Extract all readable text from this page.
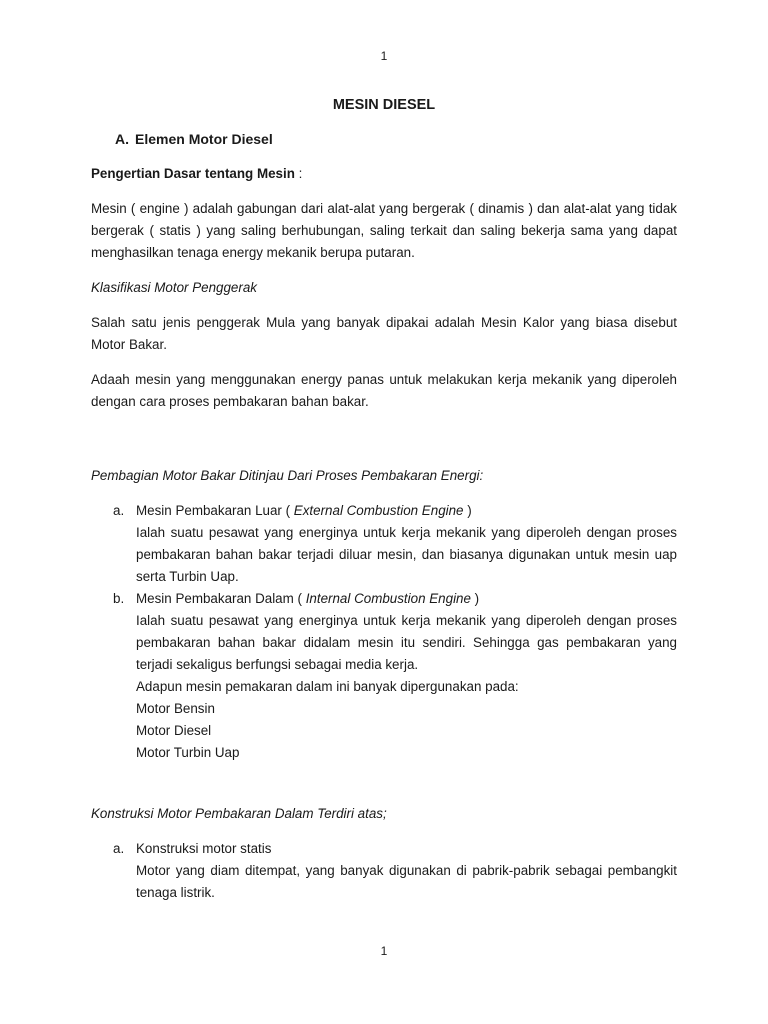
1
MESIN DIESEL
A. Elemen Motor Diesel
Pengertian Dasar tentang Mesin :

Mesin ( engine ) adalah gabungan dari alat-alat yang bergerak ( dinamis ) dan alat-alat yang tidak bergerak ( statis ) yang saling berhubungan, saling terkait dan saling bekerja sama yang dapat menghasilkan tenaga energy mekanik berupa putaran.

Klasifikasi Motor Penggerak

Salah satu jenis penggerak Mula yang banyak dipakai adalah Mesin Kalor yang biasa disebut Motor Bakar.

Adaah mesin yang menggunakan energy panas untuk melakukan kerja mekanik yang diperoleh dengan cara proses pembakaran bahan bakar.

Pembagian Motor Bakar Ditinjau Dari Proses Pembakaran Energi:
a. Mesin Pembakaran Luar ( External Combustion Engine )
Ialah suatu pesawat yang energinya untuk kerja mekanik yang diperoleh dengan proses pembakaran bahan bakar terjadi diluar mesin, dan biasanya digunakan untuk mesin uap serta Turbin Uap.
b. Mesin Pembakaran Dalam ( Internal Combustion Engine )
Ialah suatu pesawat yang energinya untuk kerja mekanik yang diperoleh dengan proses pembakaran bahan bakar didalam mesin itu sendiri. Sehingga gas pembakaran yang terjadi sekaligus berfungsi sebagai media kerja.
Adapun mesin pemakaran dalam ini banyak dipergunakan pada:
Motor Bensin
Motor Diesel
Motor Turbin Uap
Konstruksi Motor Pembakaran Dalam Terdiri atas;
a. Konstruksi motor statis
Motor yang diam ditempat, yang banyak digunakan di pabrik-pabrik sebagai pembangkit tenaga listrik.
1
